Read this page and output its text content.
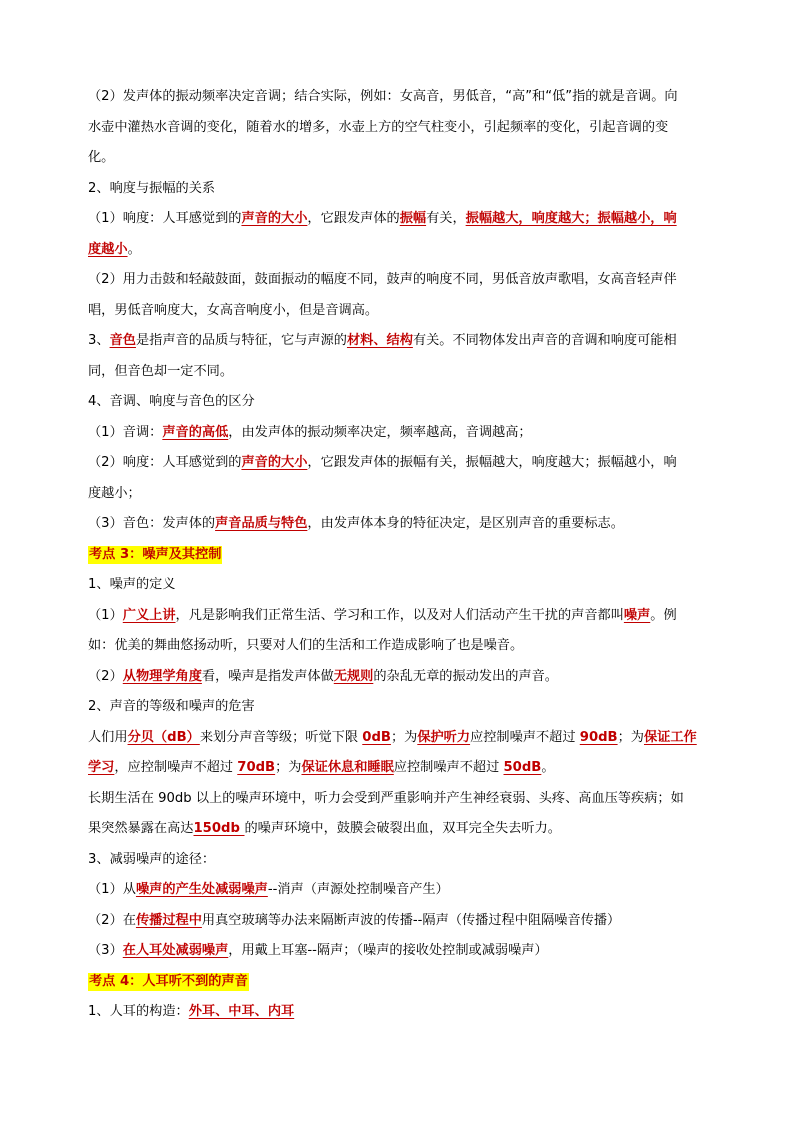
（2）发声体的振动频率决定音调；结合实际，例如：女高音，男低音，“高”和“低”指的就是音调。向
水壶中灌热水音调的变化，随着水的增多，水壶上方的空气柱变小，引起频率的变化，引起音调的变
化。
2、响度与振幅的关系
（1）响度：人耳感觉到的声音的大小，它跟发声体的振幅有关，振幅越大，响度越大；振幅越小，响
度越小。
（2）用力击鼓和轻敲鼓面，鼓面振动的幅度不同，鼓声的响度不同，男低音放声歌唱，女高音轻声伴
唱，男低音响度大，女高音响度小，但是音调高。
3、音色是指声音的品质与特征，它与声源的材料、结构有关。不同物体发出声音的音调和响度可能相
同，但音色却一定不同。
4、音调、响度与音色的区分
（1）音调：声音的高低，由发声体的振动频率决定，频率越高，音调越高；
（2）响度：人耳感觉到的声音的大小，它跟发声体的振幅有关，振幅越大，响度越大；振幅越小，响
度越小；
（3）音色：发声体的声音品质与特色，由发声体本身的特征决定，是区别声音的重要标志。
考点 3：噪声及其控制
1、噪声的定义
（1）广义上讲，凡是影响我们正常生活、学习和工作，以及对人们活动产生干扰的声音都叫噪声。例
如：优美的舞曲悠扬动听，只要对人们的生活和工作造成影响了也是噪音。
（2）从物理学角度看，噪声是指发声体做无规则的杂乱无章的振动发出的声音。
2、声音的等级和噪声的危害
人们用分贝（dB）来划分声音等级；听觉下限 0dB；为保护听力应控制噪声不超过 90dB；为保证工作
学习，应控制噪声不超过 70dB；为保证休息和睡眠应控制噪声不超过 50dB。
长期生活在 90db 以上的噪声环境中，听力会受到严重影响并产生神经衰弱、头疼、高血压等疾病；如
果突然暴露在高达150db 的噪声环境中，鼓膜会破裂出血，双耳完全失去听力。
3、减弱噪声的途径：
（1）从噪声的产生处减弱噪声--消声（声源处控制噪音产生）
（2）在传播过程中用真空玻璃等办法来隔断声波的传播--隔声（传播过程中阻隔噪音传播）
（3）在人耳处减弱噪声，用戴上耳塞--隔声；（噪声的接收处控制或减弱噪声）
考点 4：人耳听不到的声音
1、人耳的构造：外耳、中耳、内耳
